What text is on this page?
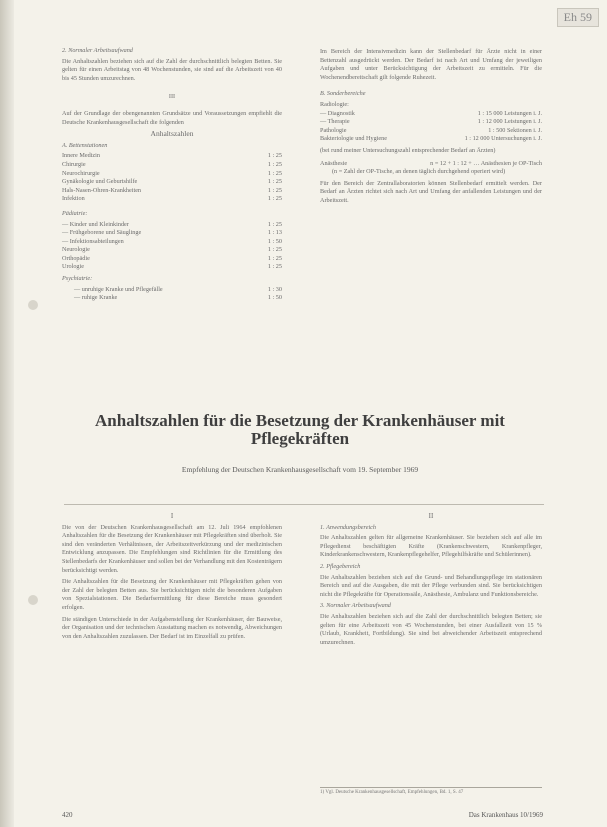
Eh 59
2. Normaler Arbeitsaufwand

Die Anhaltszahlen beziehen sich auf die Zahl der durchschnittlich belegten Betten. Sie gelten für einen Arbeitstag von 48 Wochenstunden, sie sind auf die Arbeitszeit von 40 bis 45 Stunden umzurechnen.

III

Auf der Grundlage der obengenannten Grundsätze und Voraussetzungen empfiehlt die Deutsche Krankenhausgesellschaft die folgenden

Anhaltszahlen
A. Bettenstationen
Innere Medizin	1 : 25
Chirurgie	1 : 25
Neurochirurgie	1 : 25
Gynäkologie und Geburtshilfe	1 : 25
Hals-Nasen-Ohren-Krankheiten	1 : 25
Infektion	1 : 25
Pädiatrie:
— Kinder und Kleinkinder	1 : 25
— Frühgeborene und Säuglinge	1 : 13
— Infektionsabteilungen	1 : 50
Neurologie	1 : 25
Orthopädie	1 : 25
Urologie	1 : 25
Psychiatrie:
— unruhige Kranke und Pflegefälle	1 : 30
— ruhige Kranke	1 : 50

Im Bereich der Intensivmedizin kann der Stellenbedarf für Ärzte nicht in einer Bettenzahl ausgedrückt werden. Der Bedarf ist nach Art und Umfang der jeweiligen Aufgaben und unter Berücksichtigung der Arbeitszeit zu ermitteln. Für die Wochenendbereitschaft gilt folgende Ruhezeit.

B. Sonderbereiche
Radiologie:
— Diagnostik	1 : 15 000 Leistungen i. J.
— Therapie	1 : 12 000 Leistungen i. J.
Pathologie	1 : 500 Sektionen i. J.
Bakteriologie und Hygiene	1 : 12 000 Untersuchungen i. J.

(bei rund meiner Untersuchungszahl entsprechender Bedarf an Ärzten)

Anästhesie	n = 12 + 1 : 12 + … Anästhesien je OP-Tisch

(n = Zahl der OP-Tische, an denen täglich durchgehend operiert wird)

Für den Bereich der Zentrallaboratorien können Stellenbedarf ermittelt werden. Der Bedarf an Ärzten richtet sich nach Art und Umfang der anfallenden Leistungen und der Arbeitszeit.

Anhaltszahlen für die Besetzung der Krankenhäuser mit Pflegekräften
Empfehlung der Deutschen Krankenhausgesellschaft vom 19. September 1969
I

Die von der Deutschen Krankenhausgesellschaft am 12. Juli 1964 empfohlenen Anhaltszahlen für die Besetzung der Krankenhäuser mit Pflegekräften sind überholt. Sie sind den veränderten Verhältnissen, der Arbeitszeitverkürzung und der medizinischen Entwicklung anzupassen. Die Empfehlungen sind Richtlinien für die Ermittlung des Stellenbedarfs der Krankenhäuser und sollen bei der Verhandlung mit den Kostenträgern berücksichtigt werden.

Die Anhaltszahlen für die Besetzung der Krankenhäuser mit Pflegekräften gehen von der Zahl der belegten Betten aus. Sie berücksichtigen nicht die besonderen Aufgaben von Spezialstationen. Die Bedarfsermittlung für diese Bereiche muss gesondert erfolgen.

Die ständigen Unterschiede in der Aufgabenstellung der Krankenhäuser, der Bauweise, der Organisation und der technischen Ausstattung machen es notwendig, Abweichungen von den Anhaltszahlen zuzulassen. Der Bedarf ist im Einzelfall zu prüfen.

II
1. Anwendungsbereich

Die Anhaltszahlen gelten für allgemeine Krankenhäuser. Sie beziehen sich auf alle im Pflegedienst beschäftigten Kräfte (Krankenschwestern, Krankenpfleger, Kinderkrankenschwestern, Krankenpflegehelfer, Pflegehilfskräfte und Schülerinnen).

2. Pflegebereich

Die Anhaltszahlen beziehen sich auf die Grund- und Behandlungspflege im stationären Bereich und auf die Ausgaben, die mit der Pflege verbunden sind. Sie berücksichtigen nicht die Pflegekräfte für Operationssäle, Anästhesie, Ambulanz und Funktionsbereiche.

3. Normaler Arbeitsaufwand

Die Anhaltszahlen beziehen sich auf die Zahl der durchschnittlich belegten Betten; sie gelten für eine Arbeitszeit von 45 Wochenstunden, bei einer Ausfallzeit von 15 % (Urlaub, Krankheit, Fortbildung). Sie sind bei abweichender Arbeitszeit entsprechend umzurechnen.

1) Vgl. Deutsche Krankenhausgesellschaft, Empfehlungen, Bd. 1, S. 47
420	Das Krankenhaus 10/1969
